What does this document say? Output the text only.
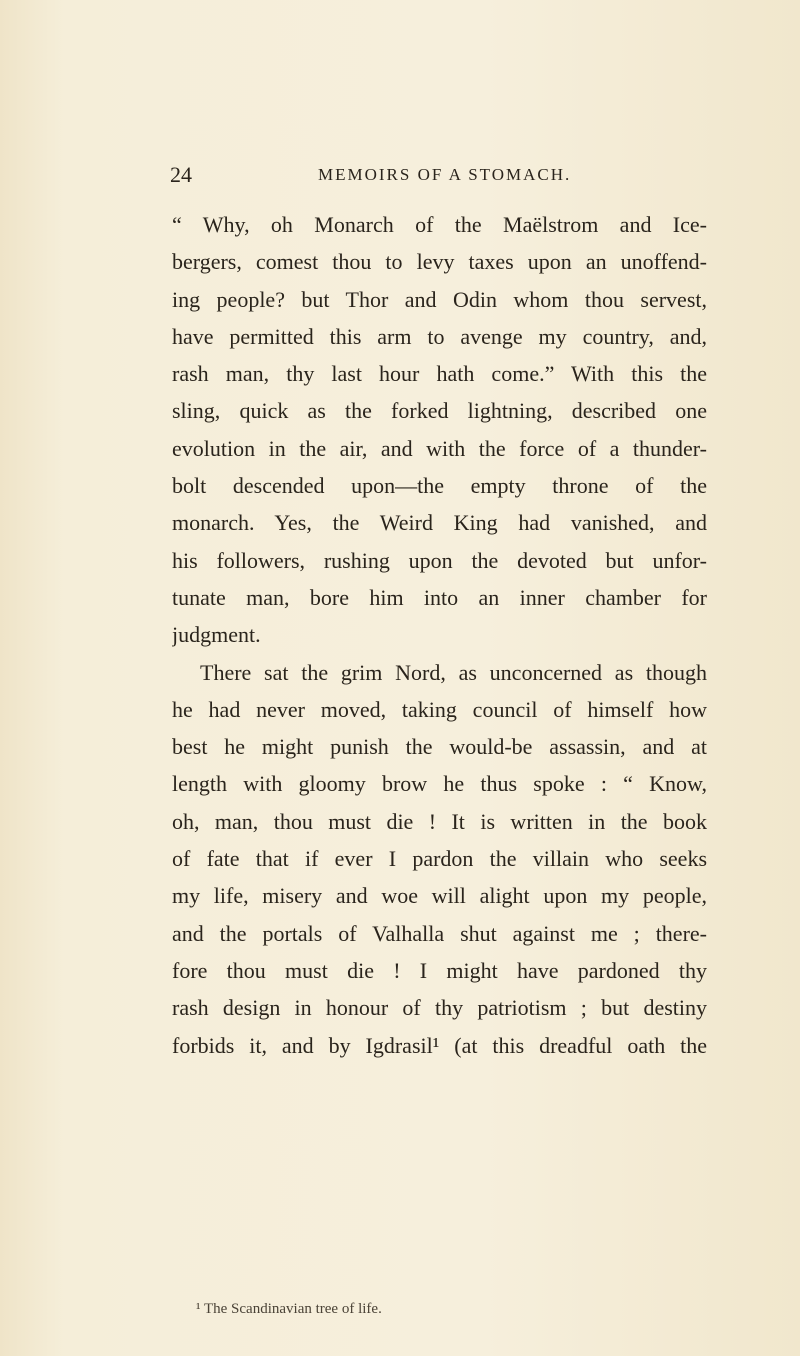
24	MEMOIRS OF A STOMACH.
“ Why, oh Monarch of the Maëlstrom and Ice-
bergers, comest thou to levy taxes upon an unoffend-
ing people? but Thor and Odin whom thou servest,
have permitted this arm to avenge my country, and,
rash man, thy last hour hath come.” With this the
sling, quick as the forked lightning, described one
evolution in the air, and with the force of a thunder-
bolt descended upon—the empty throne of the
monarch. Yes, the Weird King had vanished, and
his followers, rushing upon the devoted but unfor-
tunate man, bore him into an inner chamber for
judgment.
There sat the grim Nord, as unconcerned as though
he had never moved, taking council of himself how
best he might punish the would-be assassin, and at
length with gloomy brow he thus spoke : “ Know,
oh, man, thou must die ! It is written in the book
of fate that if ever I pardon the villain who seeks
my life, misery and woe will alight upon my people,
and the portals of Valhalla shut against me ; there-
fore thou must die ! I might have pardoned thy
rash design in honour of thy patriotism ; but destiny
forbids it, and by Igdrasil¹ (at this dreadful oath the
¹ The Scandinavian tree of life.
